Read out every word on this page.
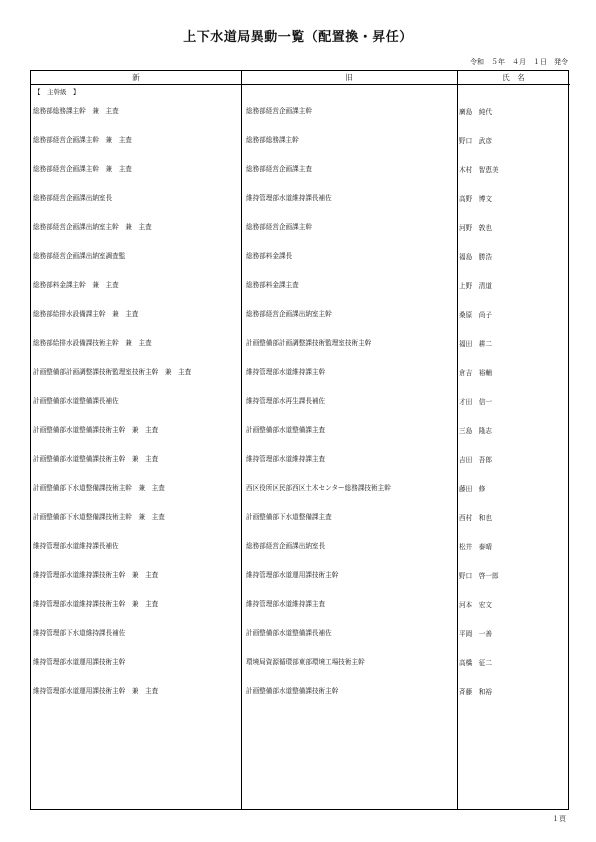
上下水道局異動一覧（配置換・昇任）
令和　５年　４月　１日　発令
新	旧	氏　名
【　主幹級　】
総務部総務課主幹　兼　主査	総務部経営企画課主幹	廣島　純代
総務部経営企画課主幹　兼　主査	総務部総務課主幹	野口　武彦
総務部経営企画課主幹　兼　主査	総務部経営企画課主査	木村　智恵美
総務部経営企画課出納室長	維持管理部水道維持課長補佐	高野　博文
総務部経営企画課出納室主幹　兼　主査	総務部経営企画課主幹	河野　敦也
総務部経営企画課出納室調査監	総務部料金課長	福島　勝浩
総務部料金課主幹　兼　主査	総務部料金課主査	上野　清道
総務部給排水設備課主幹　兼　主査	総務部経営企画課出納室主幹	桑原　尚子
総務部給排水設備課技術主幹　兼　主査	計画整備部計画調整課技術監理室技術主幹	福田　耕二
計画整備部計画調整課技術監理室技術主幹　兼　主査	維持管理部水道維持課主幹	倉吉　裕輔
計画整備部水道整備課長補佐	維持管理部水再生課長補佐	才田　信一
計画整備部水道整備課技術主幹　兼　主査	計画整備部水道整備課主査	三島　隆志
計画整備部水道整備課技術主幹　兼　主査	維持管理部水道維持課主査	吉田　吾郎
計画整備部下水道整備課技術主幹　兼　主査	西区役所区民部西区土木センター総務課技術主幹	藤田　修
計画整備部下水道整備課技術主幹　兼　主査	計画整備部下水道整備課主査	西村　和也
維持管理部水道維持課長補佐	総務部経営企画課出納室長	松井　泰晴
維持管理部水道維持課技術主幹　兼　主査	維持管理部水道運用課技術主幹	野口　啓一郎
維持管理部水道維持課技術主幹　兼　主査	維持管理部水道維持課主査	河本　宏文
維持管理部下水道維持課長補佐	計画整備部水道整備課長補佐	平岡　一善
維持管理部水道運用課技術主幹	環境局資源循環部東部環境工場技術主幹	高橋　征二
維持管理部水道運用課技術主幹　兼　主査	計画整備部水道整備課技術主幹	斉藤　和裕
１頁
